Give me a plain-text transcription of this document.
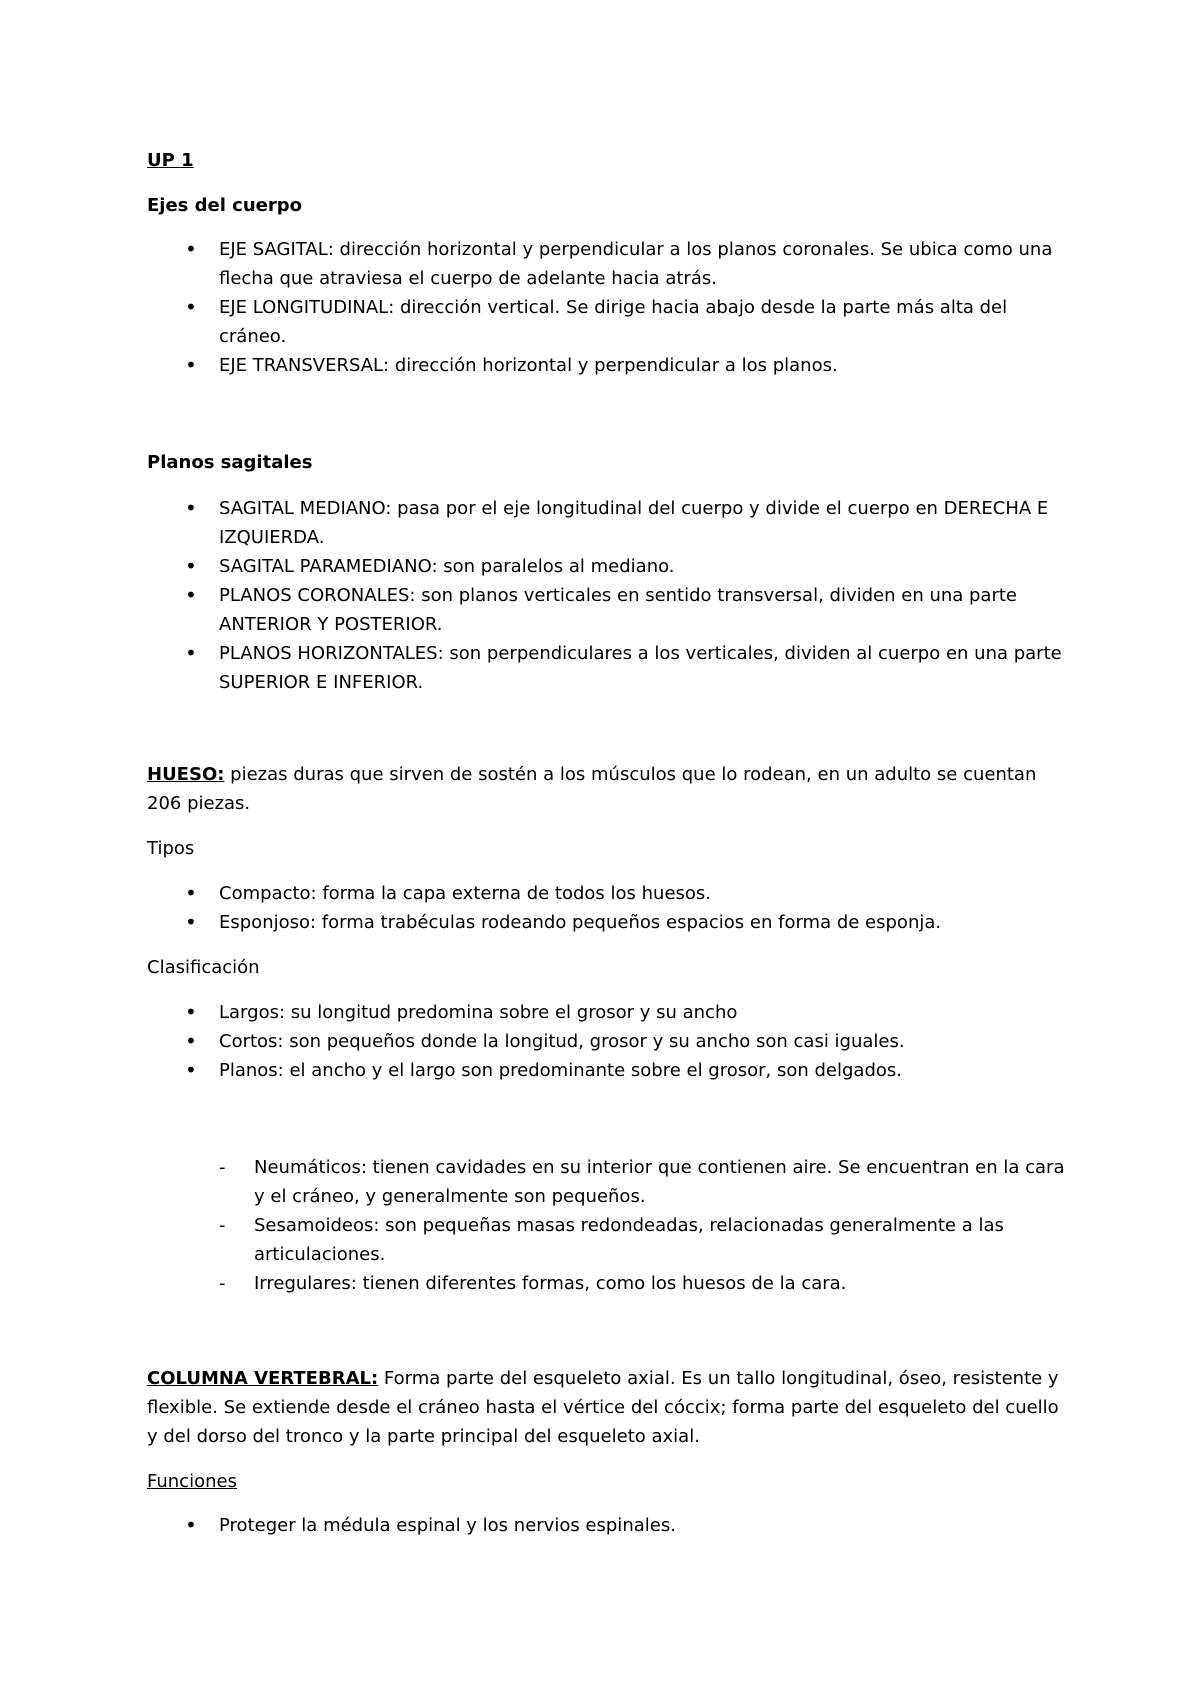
UP 1

Ejes del cuerpo

• EJE SAGITAL: dirección horizontal y perpendicular a los planos coronales. Se ubica como una flecha que atraviesa el cuerpo de adelante hacia atrás.
• EJE LONGITUDINAL: dirección vertical. Se dirige hacia abajo desde la parte más alta del cráneo.
• EJE TRANSVERSAL: dirección horizontal y perpendicular a los planos.

Planos sagitales

• SAGITAL MEDIANO: pasa por el eje longitudinal del cuerpo y divide el cuerpo en DERECHA E IZQUIERDA.
• SAGITAL PARAMEDIANO: son paralelos al mediano.
• PLANOS CORONALES: son planos verticales en sentido transversal, dividen en una parte ANTERIOR Y POSTERIOR.
• PLANOS HORIZONTALES: son perpendiculares a los verticales, dividen al cuerpo en una parte SUPERIOR E INFERIOR.

HUESO: piezas duras que sirven de sostén a los músculos que lo rodean, en un adulto se cuentan 206 piezas.

Tipos

• Compacto: forma la capa externa de todos los huesos.
• Esponjoso: forma trabéculas rodeando pequeños espacios en forma de esponja.

Clasificación

• Largos: su longitud predomina sobre el grosor y su ancho
• Cortos: son pequeños donde la longitud, grosor y su ancho son casi iguales.
• Planos: el ancho y el largo son predominante sobre el grosor, son delgados.
- Neumáticos: tienen cavidades en su interior que contienen aire. Se encuentran en la cara y el cráneo, y generalmente son pequeños.
- Sesamoideos: son pequeñas masas redondeadas, relacionadas generalmente a las articulaciones.
- Irregulares: tienen diferentes formas, como los huesos de la cara.

COLUMNA VERTEBRAL: Forma parte del esqueleto axial. Es un tallo longitudinal, óseo, resistente y flexible. Se extiende desde el cráneo hasta el vértice del cóccix; forma parte del esqueleto del cuello y del dorso del tronco y la parte principal del esqueleto axial.

Funciones

• Proteger la médula espinal y los nervios espinales.
